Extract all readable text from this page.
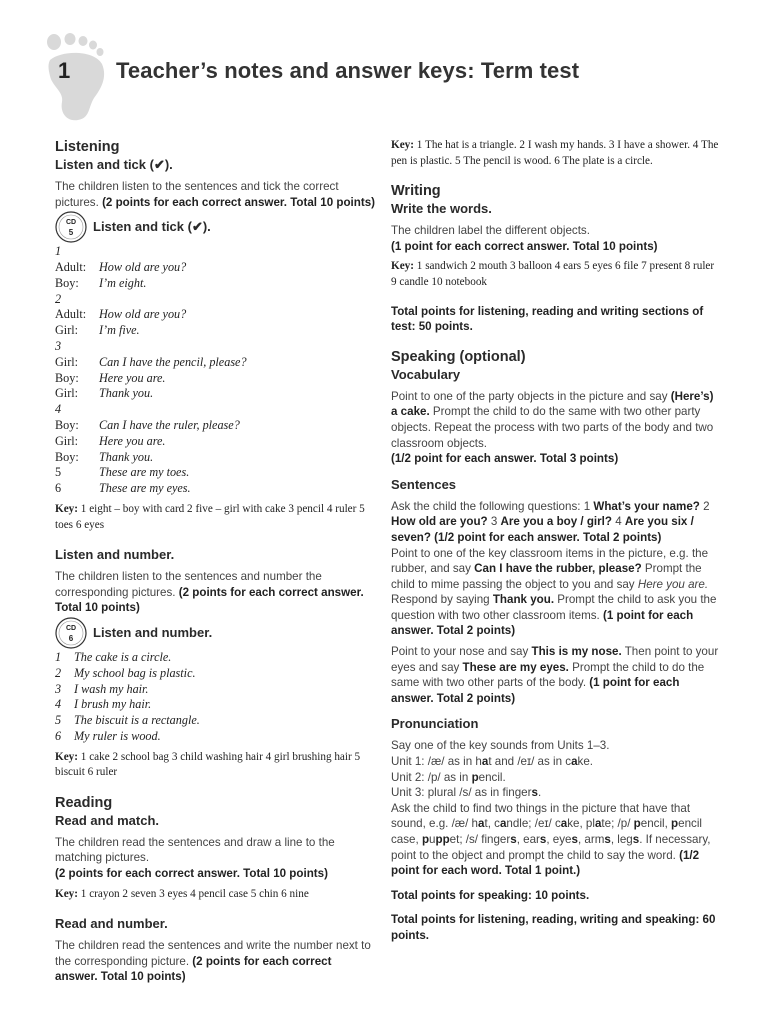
1 Teacher’s notes and answer keys: Term test
Listening
Listen and tick (✔).

The children listen to the sentences and tick the correct pictures. (2 points for each correct answer. Total 10 points)

CD
5 Listen and tick (✔).
1
Adult:	How old are you?
Boy:	I’m eight.
2
Adult:	How old are you?
Girl:	I’m five.
3
Girl:	Can I have the pencil, please?
Boy:	Here you are.
Girl:	Thank you.
4
Boy:	Can I have the ruler, please?
Girl:	Here you are.
Boy:	Thank you.
5	These are my toes.
6	These are my eyes.

Key: 1 eight – boy with card 2 five – girl with cake 3 pencil 4 ruler 5 toes 6 eyes

Listen and number.

The children listen to the sentences and number the corresponding pictures. (2 points for each correct answer. Total 10 points)

CD
6 Listen and number.
1	The cake is a circle.
2	My school bag is plastic.
3	I wash my hair.
4	I brush my hair.
5	The biscuit is a rectangle.
6	My ruler is wood.

Key: 1 cake 2 school bag 3 child washing hair 4 girl brushing hair 5 biscuit 6 ruler

Reading
Read and match.

The children read the sentences and draw a line to the matching pictures.

(2 points for each correct answer. Total 10 points)

Key: 1 crayon 2 seven 3 eyes 4 pencil case 5 chin 6 nine

Read and number.

The children read the sentences and write the number next to the corresponding picture. (2 points for each correct answer. Total 10 points)

Key: 1 The hat is a triangle. 2 I wash my hands. 3 I have a shower. 4 The pen is plastic. 5 The pencil is wood. 6 The plate is a circle.

Writing
Write the words.

The children label the different objects.

(1 point for each correct answer. Total 10 points)

Key: 1 sandwich 2 mouth 3 balloon 4 ears 5 eyes 6 file 7 present 8 ruler 9 candle 10 notebook

Total points for listening, reading and writing sections of test: 50 points.

Speaking (optional)
Vocabulary

Point to one of the party objects in the picture and say (Here’s) a cake. Prompt the child to do the same with two other party objects. Repeat the process with two parts of the body and two classroom objects.

(1/2 point for each answer. Total 3 points)

Sentences

Ask the child the following questions: 1 What’s your name? 2 How old are you? 3 Are you a boy / girl? 4 Are you six / seven? (1/2 point for each answer. Total 2 points)

Point to one of the key classroom items in the picture, e.g. the rubber, and say Can I have the rubber, please? Prompt the child to mime passing the object to you and say Here you are. Respond by saying Thank you. Prompt the child to ask you the question with two other classroom items. (1 point for each answer. Total 2 points)

Point to your nose and say This is my nose. Then point to your eyes and say These are my eyes. Prompt the child to do the same with two other parts of the body. (1 point for each answer. Total 2 points)

Pronunciation

Say one of the key sounds from Units 1–3.

Unit 1: /æ/ as in hat and /eɪ/ as in cake.

Unit 2: /p/ as in pencil.

Unit 3: plural /s/ as in fingers.

Ask the child to find two things in the picture that have that sound, e.g. /æ/ hat, candle; /eɪ/ cake, plate; /p/ pencil, pencil case, puppet; /s/ fingers, ears, eyes, arms, legs. If necessary, point to the object and prompt the child to say the word. (1/2 point for each word. Total 1 point.)

Total points for speaking: 10 points.

Total points for listening, reading, writing and speaking: 60 points.
